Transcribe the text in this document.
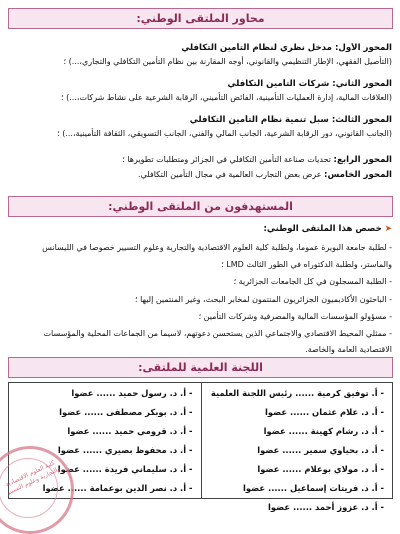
محاور الملتقى الوطني:
المحور الأول: مدخل نظري لنظام التأمين التكافلي
(التأصيل الفقهي، الإطار التنظيمي والقانوني، أوجه المقارنة بين نظام التأمين التكافلي والتجاري،...) ؛
المحور الثاني: شركات التأمين التكافلي
(العلاقات المالية، إدارة العمليات التأمينية، الفائض التأميني، الرقابة الشرعية على نشاط شركات،...) ؛
المحور الثالث: سبل تنمية نظام التأمين التكافلي
(الجانب القانوني، دور الرقابة الشرعية، الجانب المالي والفني، الجانب التسويقي، الثقافة التأمينية،...) ؛
المحور الرابع: تحديات صناعة التأمين التكافلي في الجزائر ومتطلبات تطويرها ؛
المحور الخامس: عرض بعض التجارب العالمية في مجال التأمين التكافلي.
المستهدفون من الملتقى الوطني:
➤ خصص هذا الملتقى الوطني:
- لطلبة جامعة البويرة عموما، ولطلبة كلية العلوم الاقتصادية والتجارية وعلوم التسيير خصوصا في الليسانس
والماستر، ولطلبة الدكتوراه في الطور الثالث LMD ؛
- الطلبة المسجلون في كل الجامعات الجزائرية ؛
- الباحثون الأكاديميون الجزائريون المنتمون لمخابر البحث، وغير المنتمين إليها ؛
- مسؤولو المؤسسات المالية والمصرفية وشركات التأمين ؛
- ممثلي المحيط الاقتصادي والاجتماعي الذين يستحسن دعوتهم، لاسيما من الجماعات المحلية والمؤسسات
الاقتصادية العامة والخاصة.
اللجنة العلمية للملتقى:
- أ. توفيق كرمية ...... رئيس اللجنة العلمية
- أ. د. علام عثمان ...... عضوا
- أ. د. رشام كهينة ...... عضوا
- أ. د. بحياوي سمير ...... عضوا
- أ. د. مولاي بوعلام ...... عضوا
- أ. د. فريتات إسماعيل ...... عضوا
- أ. د. عزوز أحمد ...... عضوا
- أ. د. رسول حميد ...... عضوا
- أ. د. بوبكر مصطفى ...... عضوا
- أ. د. قرومي حميد ...... عضوا
- أ. د. محفوظ بصيري ...... عضوا
- أ. د. سليماني فريدة ...... عضوا
- أ. د. نصر الدين بوعمامة ...... عضوا
كلية العلوم الاقتصادية والتجارية وعلوم التسيير
